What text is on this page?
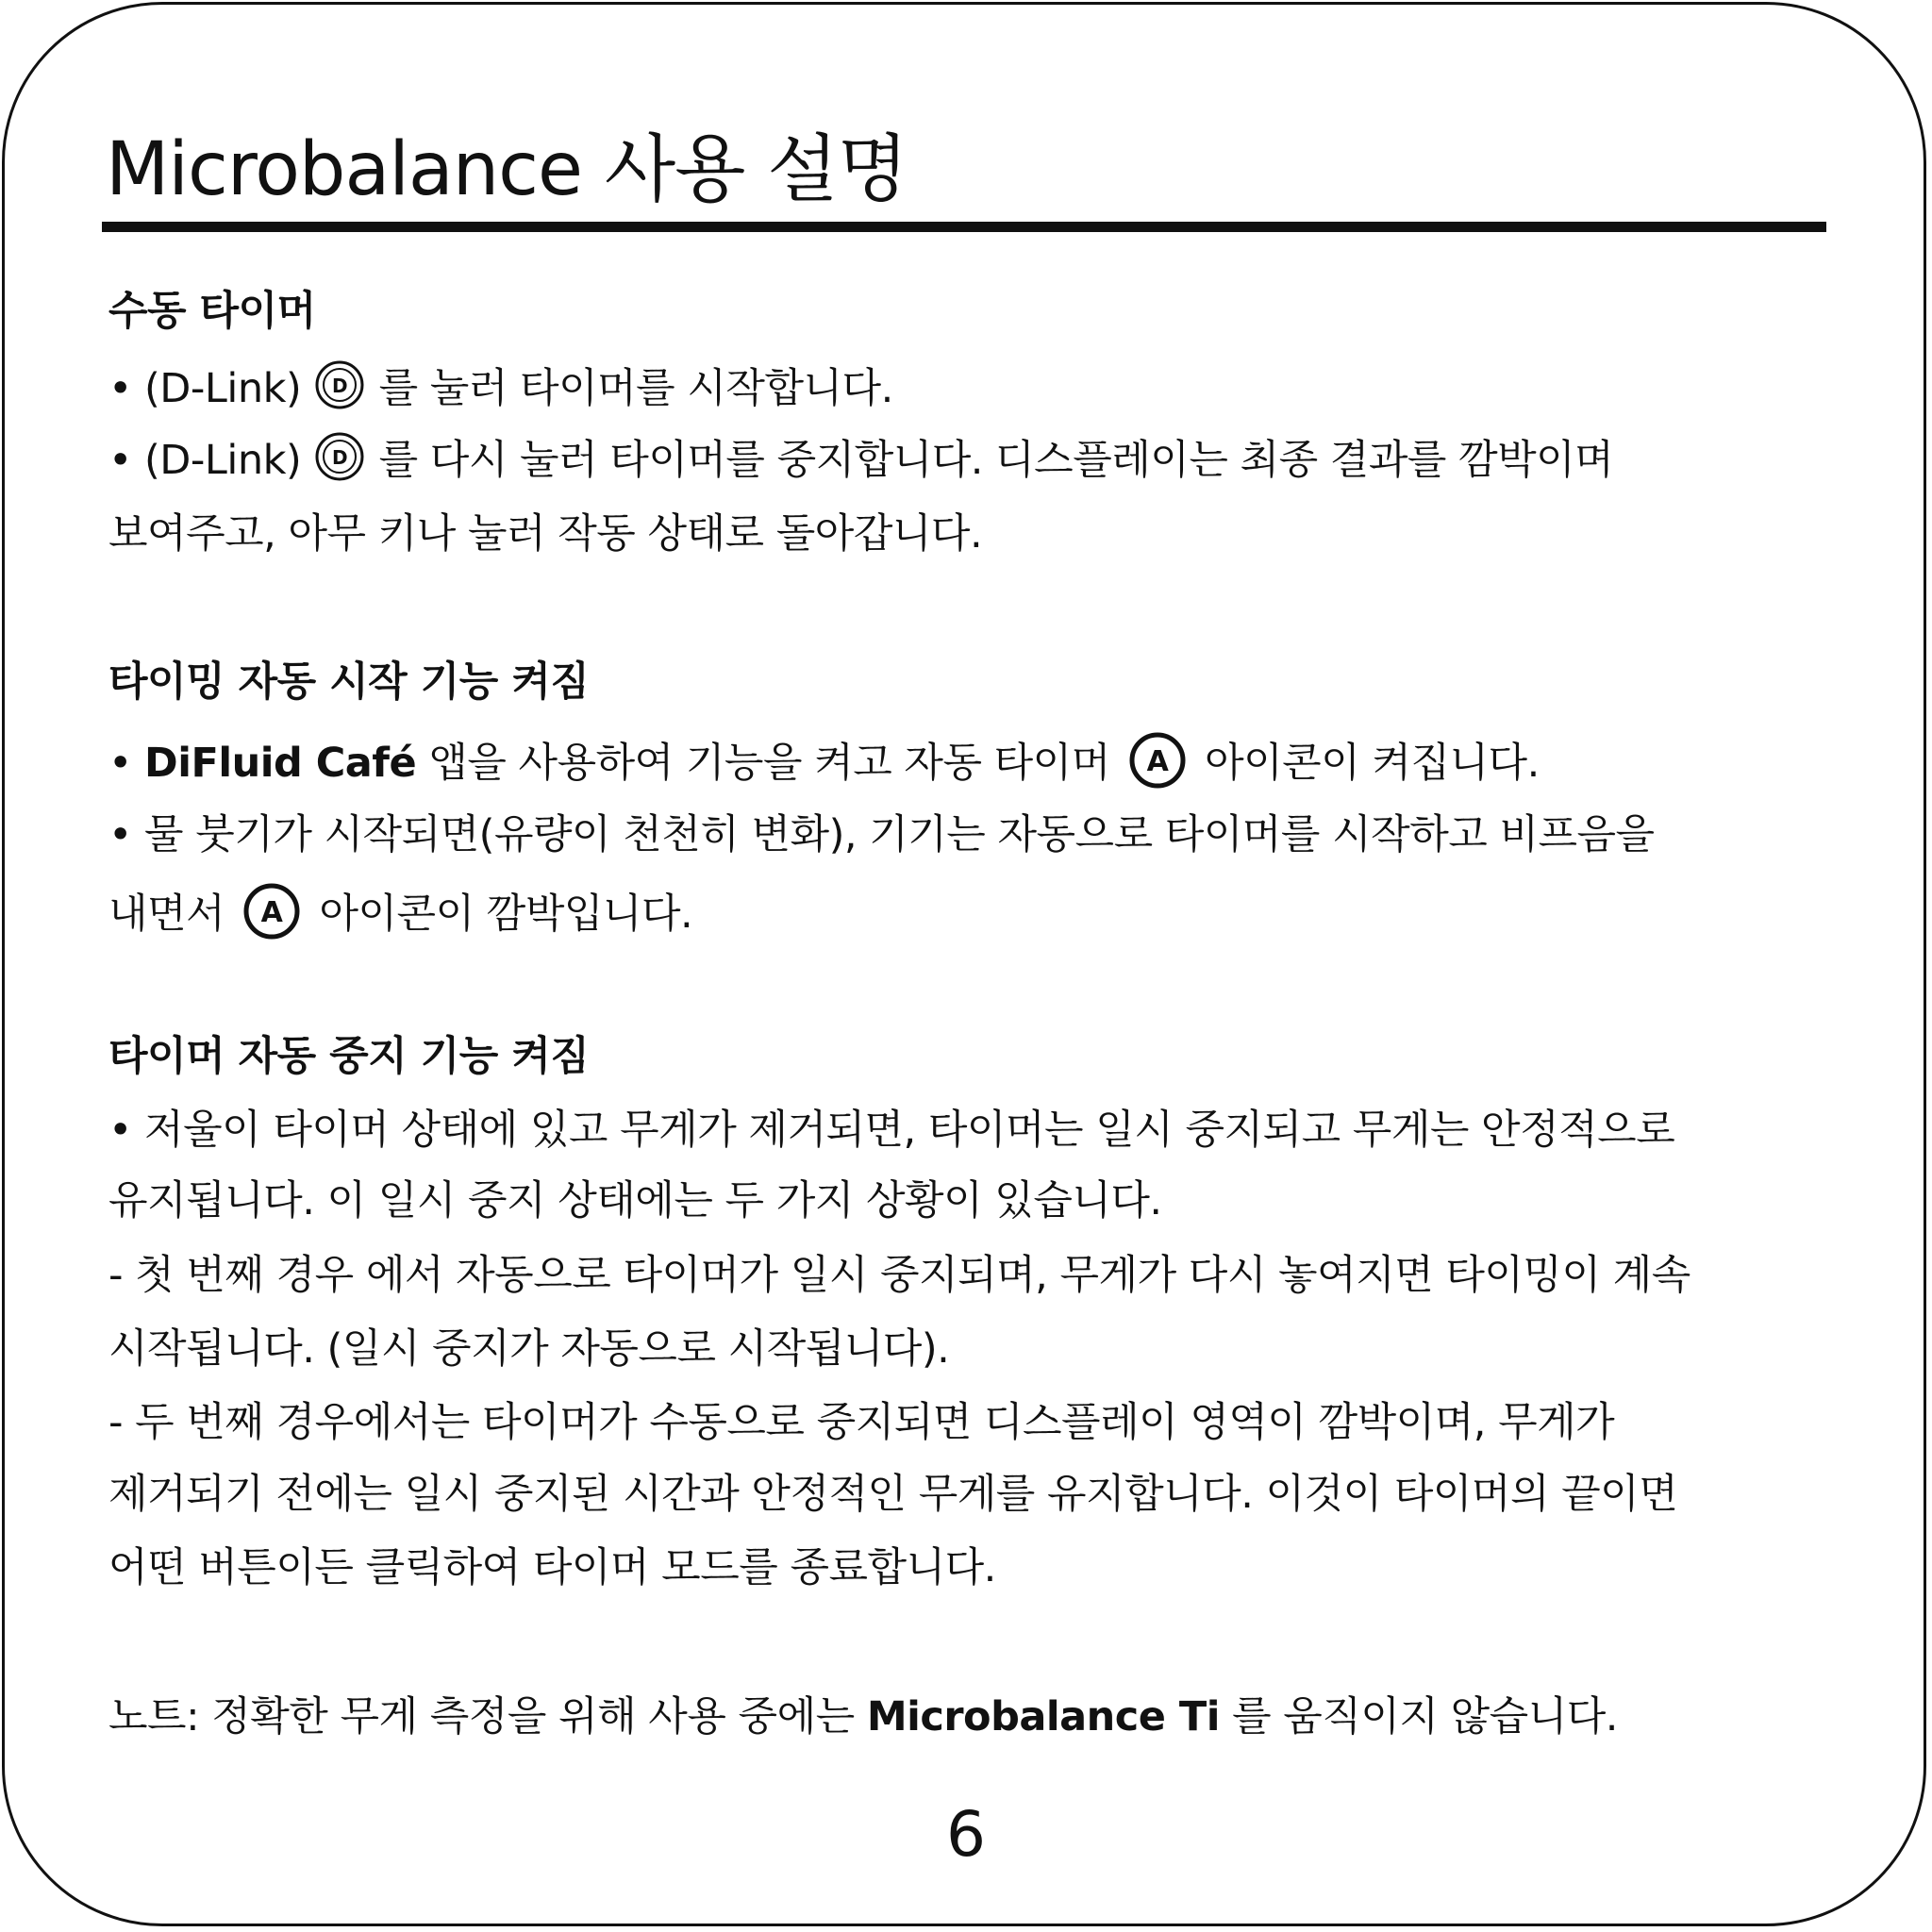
Microbalance 사용 설명

수동 타이머

• (D-Link) D 를 눌러 타이머를 시작합니다.

• (D-Link) D 를 다시 눌러 타이머를 중지합니다. 디스플레이는 최종 결과를 깜박이며

보여주고, 아무 키나 눌러 작동 상태로 돌아갑니다.

타이밍 자동 시작 기능 켜짐

• DiFluid Café 앱을 사용하여 기능을 켜고 자동 타이머 A 아이콘이 켜집니다.

• 물 붓기가 시작되면(유량이 천천히 변화), 기기는 자동으로 타이머를 시작하고 비프음을

내면서 A 아이콘이 깜박입니다.

타이머 자동 중지 기능 켜짐

• 저울이 타이머 상태에 있고 무게가 제거되면, 타이머는 일시 중지되고 무게는 안정적으로

유지됩니다. 이 일시 중지 상태에는 두 가지 상황이 있습니다.

- 첫 번째 경우 에서 자동으로 타이머가 일시 중지되며, 무게가 다시 놓여지면 타이밍이 계속

시작됩니다. (일시 중지가 자동으로 시작됩니다).

- 두 번째 경우에서는 타이머가 수동으로 중지되면 디스플레이 영역이 깜박이며, 무게가

제거되기 전에는 일시 중지된 시간과 안정적인 무게를 유지합니다. 이것이 타이머의 끝이면

어떤 버튼이든 클릭하여 타이머 모드를 종료합니다.

노트: 정확한 무게 측정을 위해 사용 중에는 Microbalance Ti 를 움직이지 않습니다.

6
